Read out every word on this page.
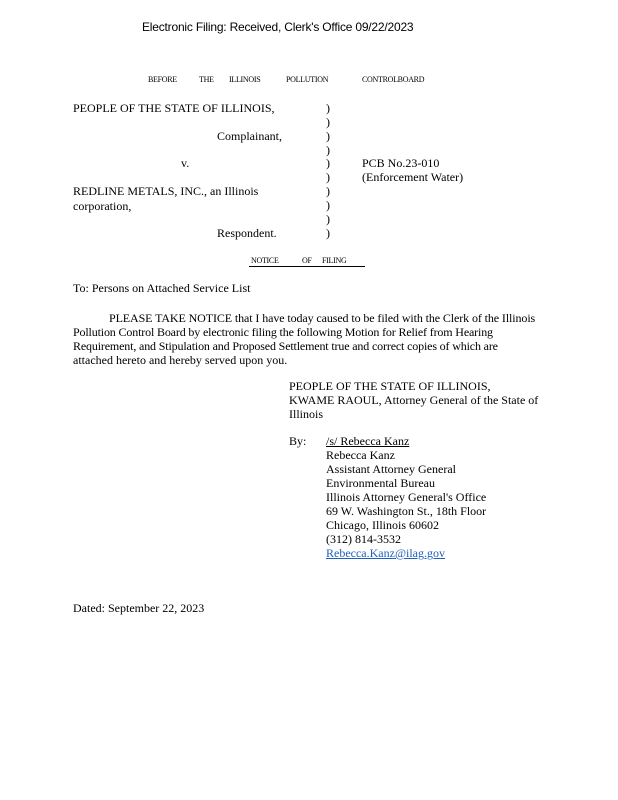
Electronic Filing: Received, Clerk's Office 09/22/2023
BEFORE	THE ILLINOIS	POLLUTION	CONTROLBOARD
PEOPLE OF THE STATE OF ILLINOIS,
Complainant,
v.
REDLINE METALS, INC., an Illinois
corporation,
Respondent.
)
)
)
)
)
)
)
)
)
)
PCB No.23-010
(Enforcement Water)
NOTICE	OF FILING
To: Persons on Attached Service List
PLEASE TAKE NOTICE that I have today caused to be filed with the Clerk of the Illinois
Pollution Control Board by electronic filing the following Motion for Relief from Hearing
Requirement, and Stipulation and Proposed Settlement true and correct copies of which are
attached hereto and hereby served upon you.
PEOPLE OF THE STATE OF ILLINOIS,
KWAME RAOUL, Attorney General of the State of
Illinois
By: /s/ Rebecca Kanz
Rebecca Kanz
Assistant Attorney General
Environmental Bureau
Illinois Attorney General's Office
69 W. Washington St., 18th Floor
Chicago, Illinois 60602
(312) 814-3532
Rebecca.Kanz@ilag.gov
Dated: September 22, 2023
